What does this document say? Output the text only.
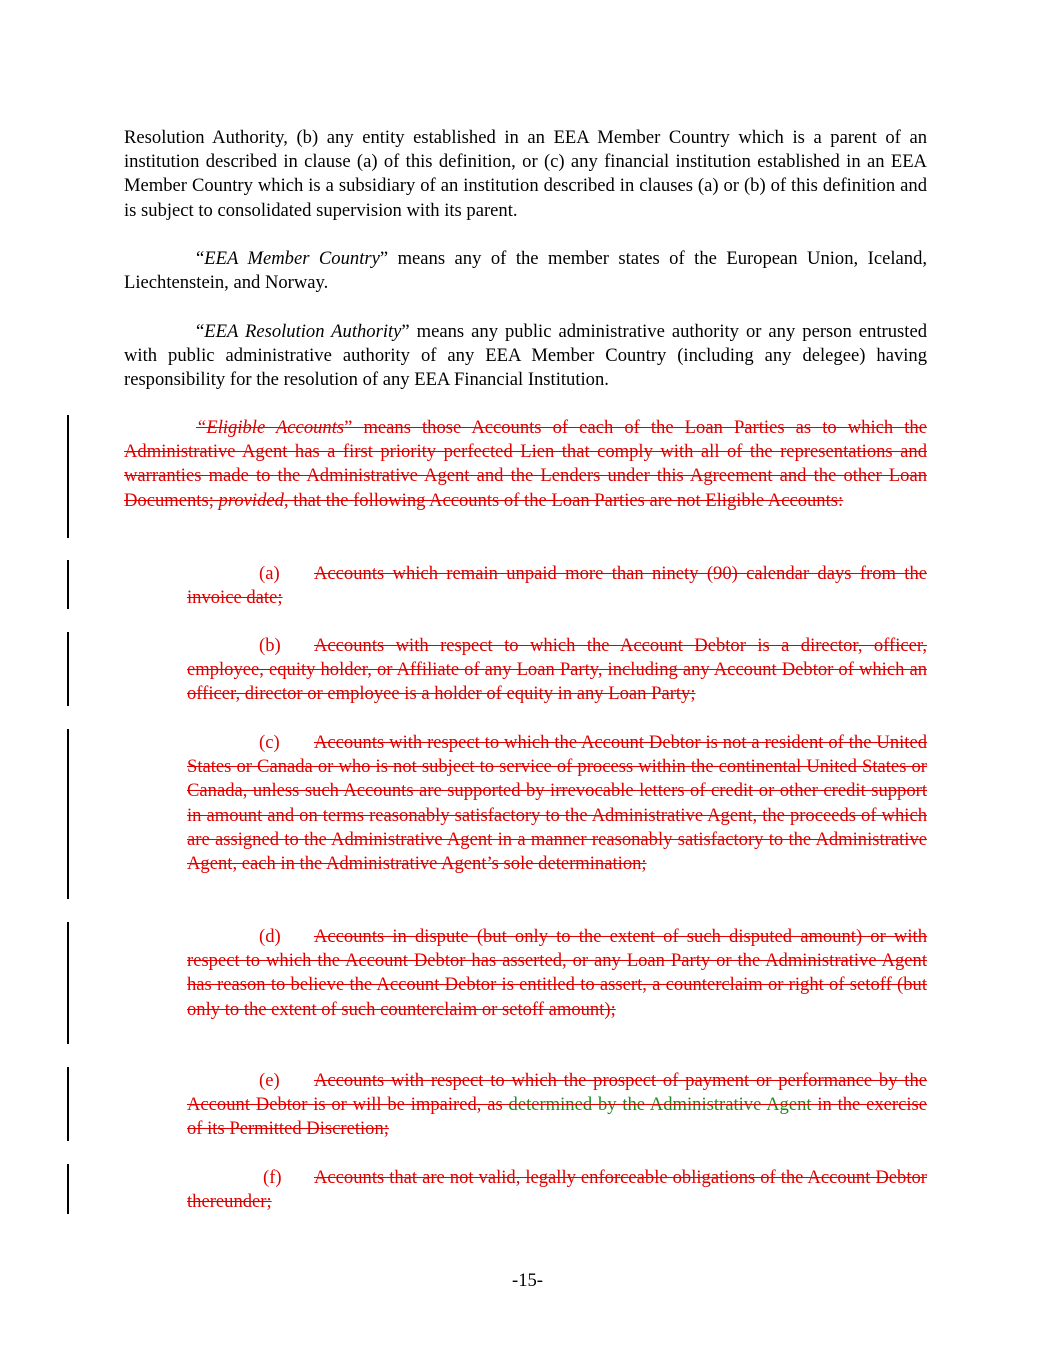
Resolution Authority, (b) any entity established in an EEA Member Country which is a parent of an institution described in clause (a) of this definition, or (c) any financial institution established in an EEA Member Country which is a subsidiary of an institution described in clauses (a) or (b) of this definition and is subject to consolidated supervision with its parent.

“EEA Member Country” means any of the member states of the European Union, Iceland, Liechtenstein, and Norway.

“EEA Resolution Authority” means any public administrative authority or any person entrusted with public administrative authority of any EEA Member Country (including any delegee) having responsibility for the resolution of any EEA Financial Institution.

“Eligible Accounts” means those Accounts of each of the Loan Parties as to which the Administrative Agent has a first priority perfected Lien that comply with all of the representations and warranties made to the Administrative Agent and the Lenders under this Agreement and the other Loan Documents; provided, that the following Accounts of the Loan Parties are not Eligible Accounts:

(a) Accounts which remain unpaid more than ninety (90) calendar days from the invoice date;

(b) Accounts with respect to which the Account Debtor is a director, officer, employee, equity holder, or Affiliate of any Loan Party, including any Account Debtor of which an officer, director or employee is a holder of equity in any Loan Party;

(c) Accounts with respect to which the Account Debtor is not a resident of the United States or Canada or who is not subject to service of process within the continental United States or Canada, unless such Accounts are supported by irrevocable letters of credit or other credit support in amount and on terms reasonably satisfactory to the Administrative Agent, the proceeds of which are assigned to the Administrative Agent in a manner reasonably satisfactory to the Administrative Agent, each in the Administrative Agent’s sole determination;

(d) Accounts in dispute (but only to the extent of such disputed amount) or with respect to which the Account Debtor has asserted, or any Loan Party or the Administrative Agent has reason to believe the Account Debtor is entitled to assert, a counterclaim or right of setoff (but only to the extent of such counterclaim or setoff amount);

(e) Accounts with respect to which the prospect of payment or performance by the Account Debtor is or will be impaired, as determined by the Administrative Agent in the exercise of its Permitted Discretion;

(f) Accounts that are not valid, legally enforceable obligations of the Account Debtor thereunder;

-15-
